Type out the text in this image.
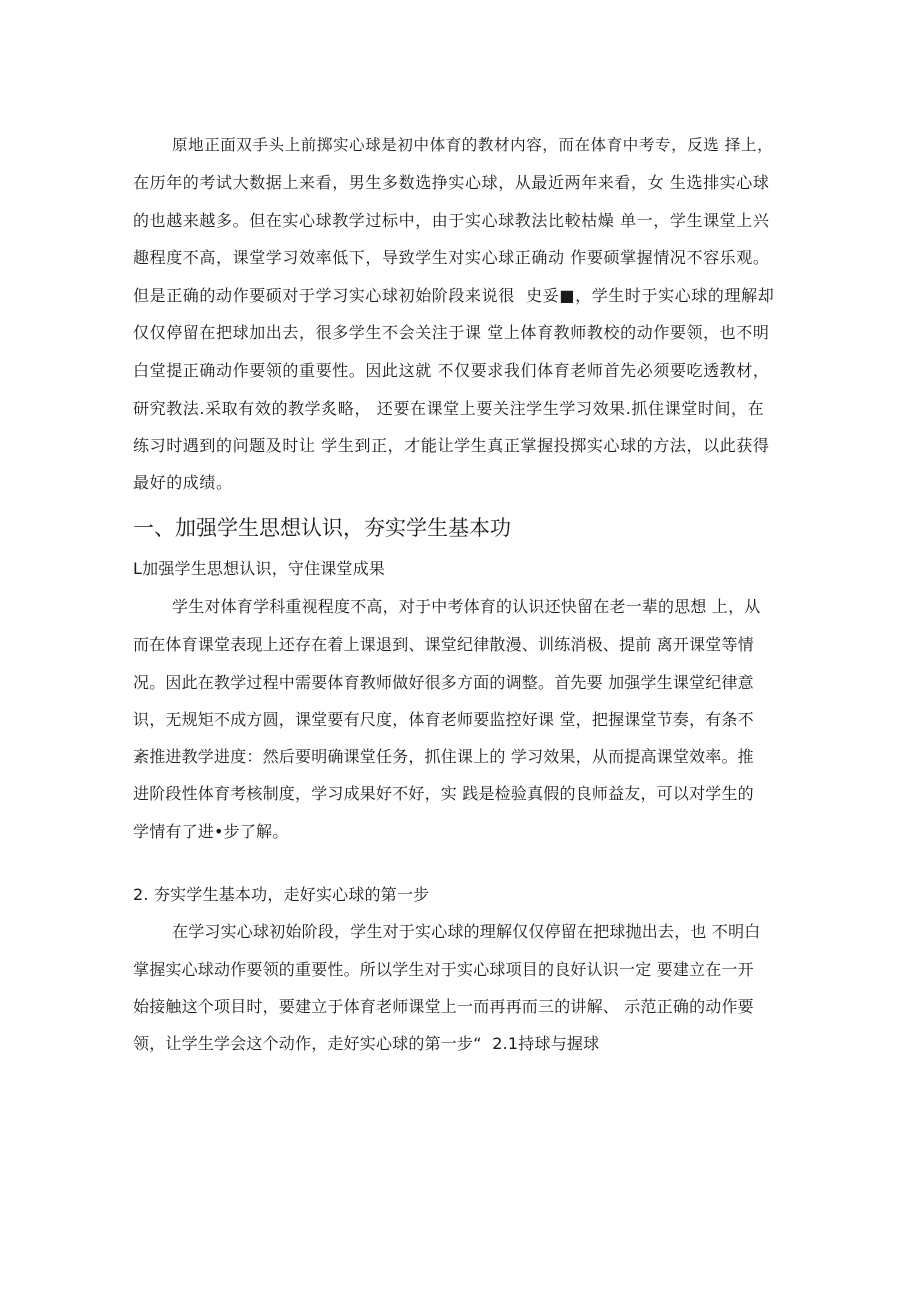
原地正面双手头上前掷实心球是初中体育的教材内容，而在体育中考专，反选 择上，
在历年的考试大数据上来看，男生多数选挣实心球，从最近两年来看，女 生选排实心球
的也越来越多。但在实心球教学过标中，由于实心球教法比較枯燥 单一，学生课堂上兴
趣程度不高，课堂学习效率低下，导致学生对实心球正确动 作要硕掌握情况不容乐观。
但是正确的动作要硕对于学习实心球初始阶段来说很  史妥■，学生时于实心球的理解却
仅仅停留在把球加出去，很多学生不会关注于课 堂上体育教师教校的动作要领，也不明
白堂提正确动作要领的重要性。因此这就 不仅要求我们体育老师首先必须要吃透教材，
研究教法.采取有效的教学炙略， 还要在课堂上要关注学生学习效果.抓住课堂时间，在
练习时遇到的问题及时让 学生到正，才能让学生真正掌握投掷实心球的方法，以此获得
最好的成绩。
一、加强学生思想认识，夯实学生基本功
L加强学生思想认识，守住课堂成果
学生对体育学科重视程度不高，对于中考体育的认识还快留在老一辈的思想 上，从
而在体育课堂表现上还存在着上课退到、课堂纪律散漫、训练消极、提前 离开课堂等情
况。因此在教学过程中需要体育教师做好很多方面的调整。首先要 加强学生课堂纪律意
识，无规矩不成方圆，课堂要有尺度，体育老师要监控好课 堂，把握课堂节奏，有条不
紊推进教学进度：然后要明确课堂任务，抓住课上的 学习效果，从而提高课堂效率。推
进阶段性体育考核制度，学习成果好不好，实 践是检验真假的良师益友，可以对学生的
学情有了进•步了解。
2. 夯实学生基本功，走好实心球的第一步
在学习实心球初始阶段，学生对于实心球的理解仅仅停留在把球抛出去，也 不明白
掌握实心球动作要领的重要性。所以学生对于实心球项目的良好认识一定 要建立在一开
始接触这个项目时，要建立于体育老师课堂上一而再再而三的讲解、 示范正确的动作要
领，让学生学会这个动作，走好实心球的第一步“  2.1持球与握球
